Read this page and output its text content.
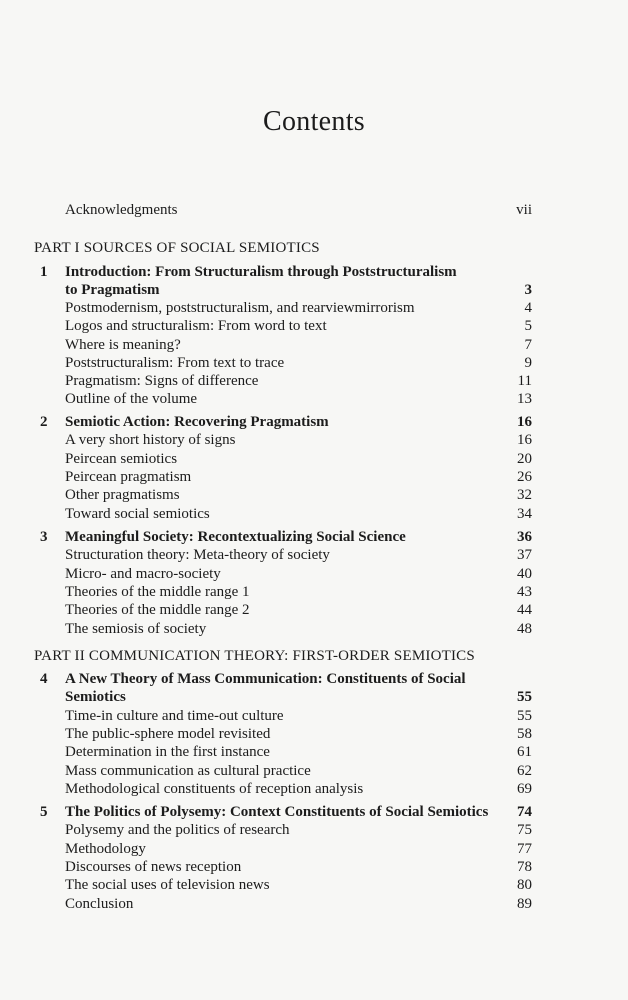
Contents
Acknowledgments	vii
PART I SOURCES OF SOCIAL SEMIOTICS
1	Introduction: From Structuralism through Poststructuralism
to Pragmatism	3
Postmodernism, poststructuralism, and rearviewmirrorism	4
Logos and structuralism: From word to text	5
Where is meaning?	7
Poststructuralism: From text to trace	9
Pragmatism: Signs of difference	11
Outline of the volume	13
2	Semiotic Action: Recovering Pragmatism	16
A very short history of signs	16
Peircean semiotics	20
Peircean pragmatism	26
Other pragmatisms	32
Toward social semiotics	34
3	Meaningful Society: Recontextualizing Social Science	36
Structuration theory: Meta-theory of society	37
Micro- and macro-society	40
Theories of the middle range 1	43
Theories of the middle range 2	44
The semiosis of society	48
PART II COMMUNICATION THEORY: FIRST-ORDER SEMIOTICS
4	A New Theory of Mass Communication: Constituents of Social
Semiotics	55
Time-in culture and time-out culture	55
The public-sphere model revisited	58
Determination in the first instance	61
Mass communication as cultural practice	62
Methodological constituents of reception analysis	69
5	The Politics of Polysemy: Context Constituents of Social Semiotics 74
Polysemy and the politics of research	75
Methodology	77
Discourses of news reception	78
The social uses of television news	80
Conclusion	89
